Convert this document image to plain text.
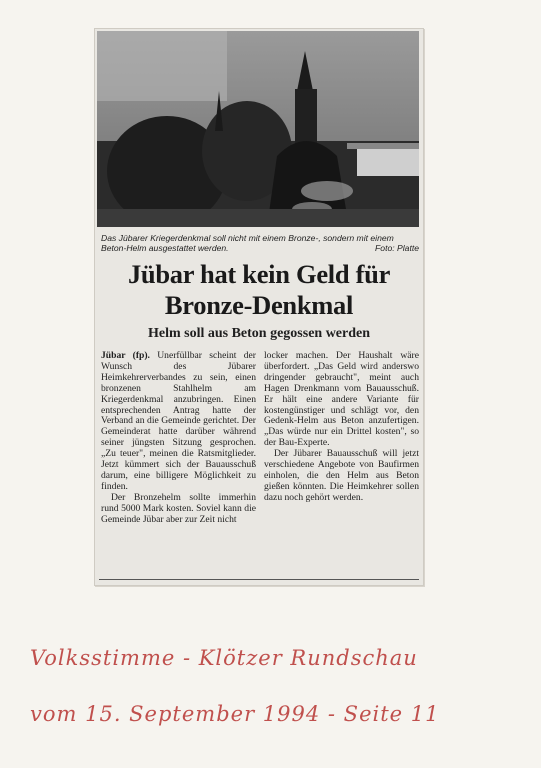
Das Jübarer Kriegerdenkmal soll nicht mit einem Bronze-, sondern mit einem Beton-Helm ausgestattet werden.	Foto: Platte
Jübar hat kein Geld für Bronze-Denkmal
Helm soll aus Beton gegossen werden

Jübar (fp). Unerfüllbar scheint der Wunsch des Jübarer Heimkehrerverbandes zu sein, einen bronzenen Stahlhelm am Kriegerdenkmal anzubringen. Einen entsprechenden Antrag hatte der Verband an die Gemeinde gerichtet. Der Gemeinderat hatte darüber während seiner jüngsten Sitzung gesprochen. „Zu teuer", meinen die Ratsmitglieder. Jetzt kümmert sich der Bauausschuß darum, eine billigere Möglichkeit zu finden.

Der Bronzehelm sollte immerhin rund 5000 Mark kosten. Soviel kann die Gemeinde Jübar aber zur Zeit nicht

locker machen. Der Haushalt wäre überfordert. „Das Geld wird anderswo dringender gebraucht", meint auch Hagen Drenkmann vom Bauausschuß. Er hält eine andere Variante für kostengünstiger und schlägt vor, den Gedenk-Helm aus Beton anzufertigen. „Das würde nur ein Drittel kosten", so der Bau-Experte.

Der Jübarer Bauausschuß will jetzt verschiedene Angebote von Baufirmen einholen, die den Helm aus Beton gießen könnten. Die Heimkehrer sollen dazu noch gehört werden.

Volksstimme - Klötzer Rundschau
vom 15. September 1994 - Seite 11
